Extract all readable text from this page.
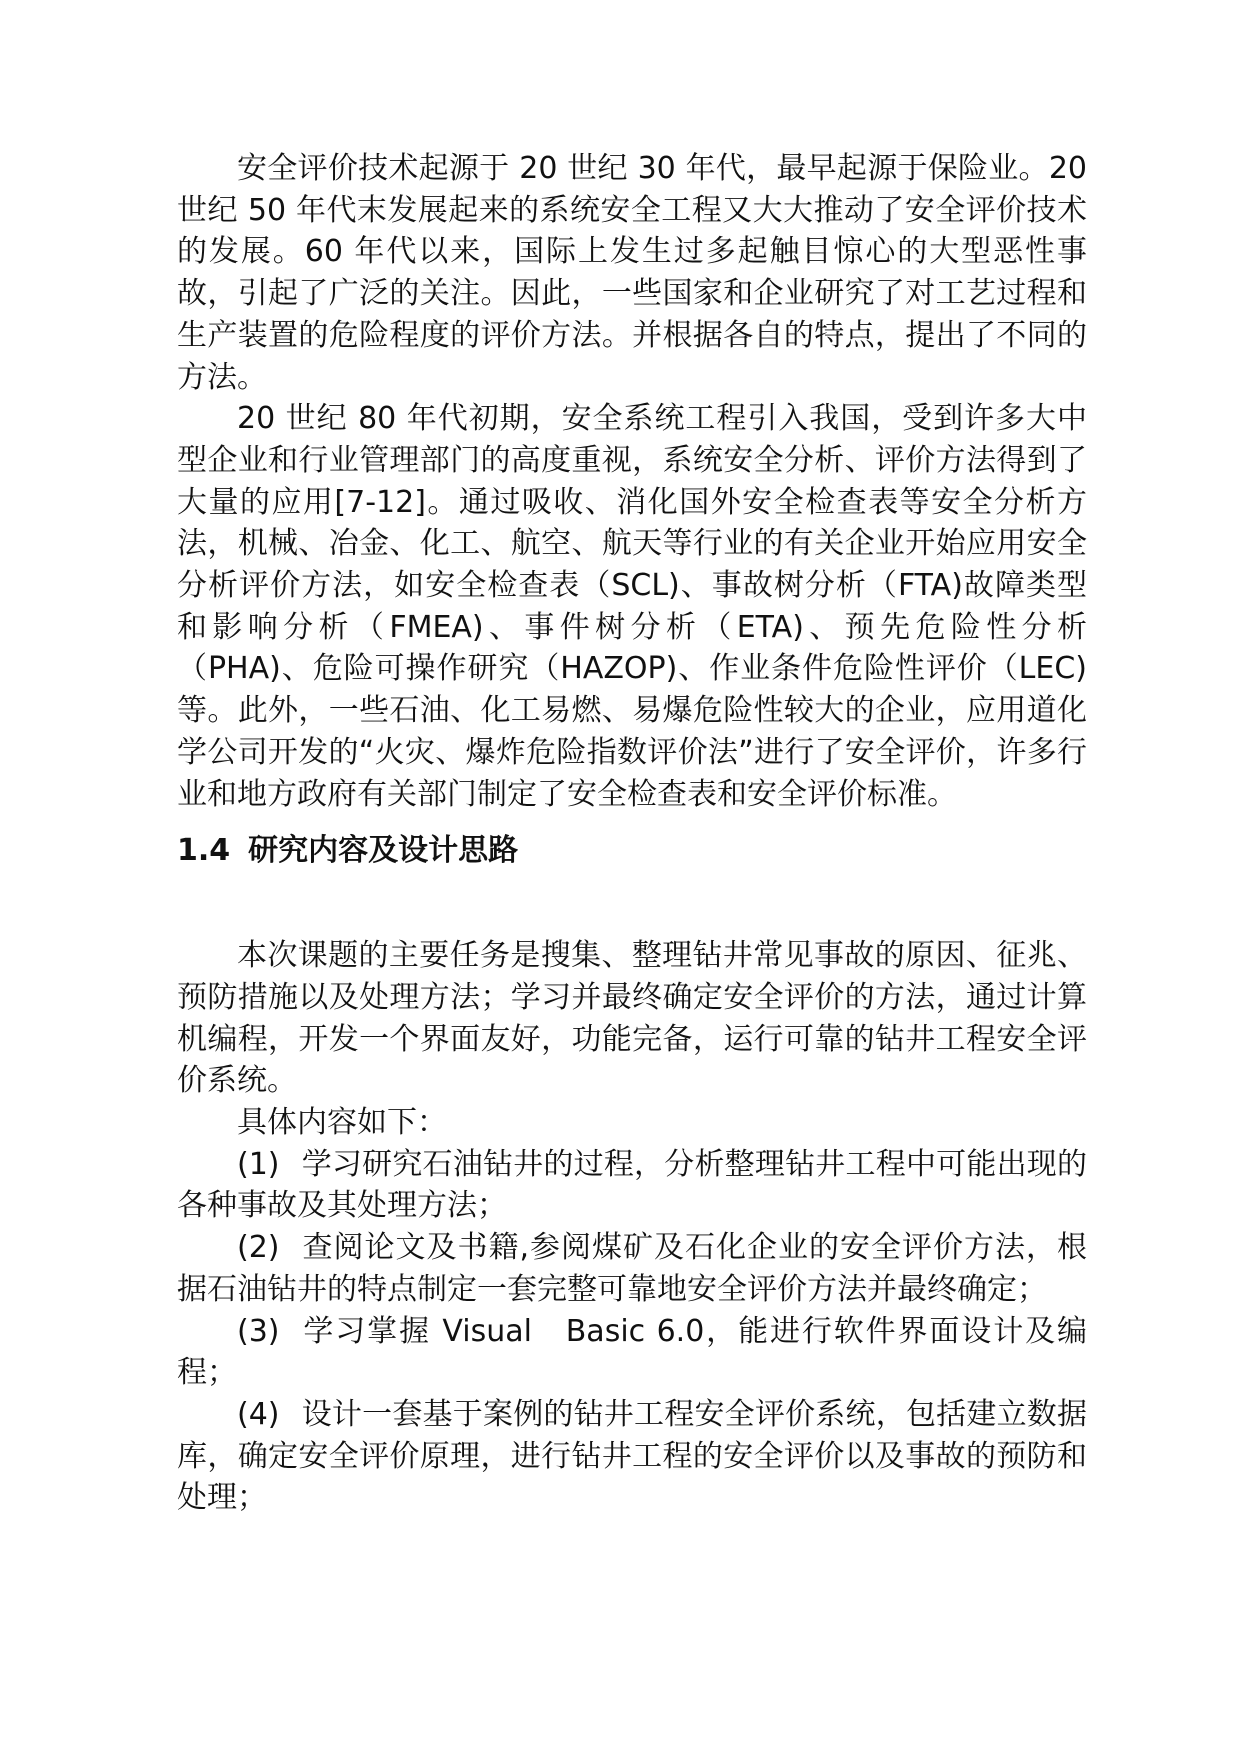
安全评价技术起源于 20 世纪 30 年代，最早起源于保险业。20 世纪 50 年代末发展起来的系统安全工程又大大推动了安全评价技术的发展。60 年代以来，国际上发生过多起触目惊心的大型恶性事故，引起了广泛的关注。因此，一些国家和企业研究了对工艺过程和生产装置的危险程度的评价方法。并根据各自的特点，提出了不同的方法。

20 世纪 80 年代初期，安全系统工程引入我国，受到许多大中型企业和行业管理部门的高度重视，系统安全分析、评价方法得到了大量的应用[7-12]。通过吸收、消化国外安全检查表等安全分析方法，机械、冶金、化工、航空、航天等行业的有关企业开始应用安全分析评价方法，如安全检查表（SCL)、事故树分析（FTA)故障类型和影响分析（FMEA)、事件树分析（ETA)、预先危险性分析（PHA)、危险可操作研究（HAZOP)、作业条件危险性评价（LEC)等。此外，一些石油、化工易燃、易爆危险性较大的企业，应用道化学公司开发的“火灾、爆炸危险指数评价法”进行了安全评价，许多行业和地方政府有关部门制定了安全检查表和安全评价标准。

1.4 研究内容及设计思路

本次课题的主要任务是搜集、整理钻井常见事故的原因、征兆、预防措施以及处理方法；学习并最终确定安全评价的方法，通过计算机编程，开发一个界面友好，功能完备，运行可靠的钻井工程安全评价系统。

具体内容如下：

(1) 学习研究石油钻井的过程，分析整理钻井工程中可能出现的各种事故及其处理方法；

(2) 查阅论文及书籍,参阅煤矿及石化企业的安全评价方法，根据石油钻井的特点制定一套完整可靠地安全评价方法并最终确定；

(3) 学习掌握 Visual　Basic 6.0，能进行软件界面设计及编程；

(4) 设计一套基于案例的钻井工程安全评价系统，包括建立数据库，确定安全评价原理，进行钻井工程的安全评价以及事故的预防和处理；
